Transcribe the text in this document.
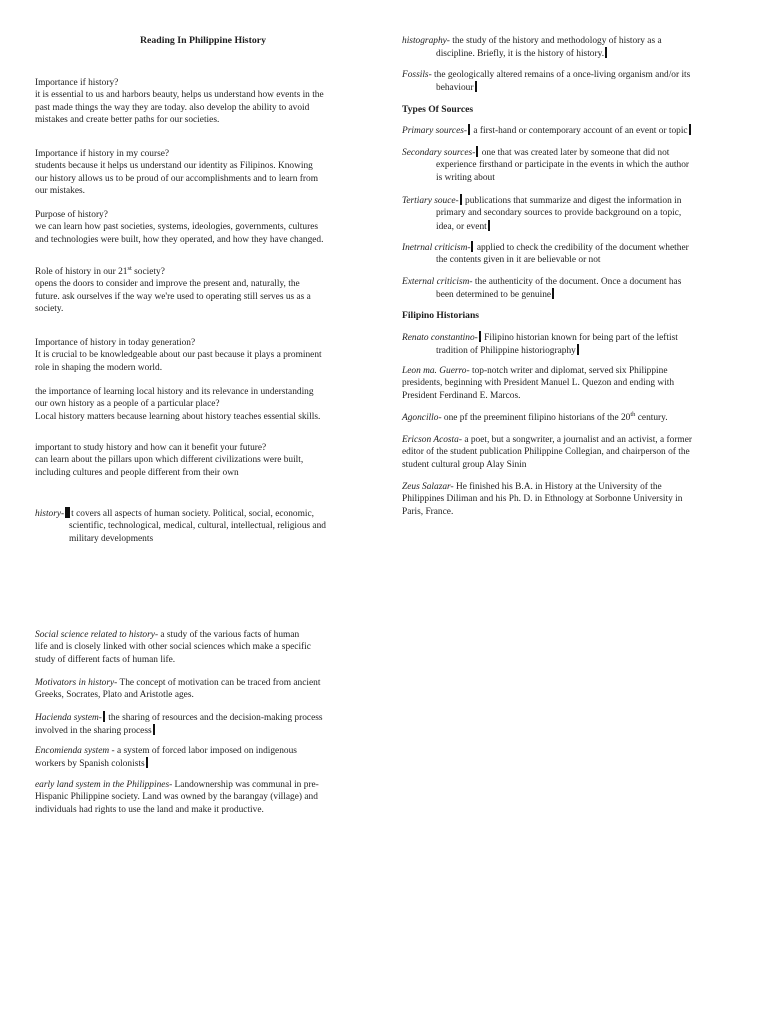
Reading In Philippine History

Importance if history?

it is essential to us and harbors beauty, helps us understand how events in the

past made things the way they are today. also develop the ability to avoid

mistakes and create better paths for our societies.

Importance if history in my course?

students because it helps us understand our identity as Filipinos. Knowing

our history allows us to be proud of our accomplishments and to learn from

our mistakes.

Purpose of history?

we can learn how past societies, systems, ideologies, governments, cultures

and technologies were built, how they operated, and how they have changed.

Role of history in our 21st society?

opens the doors to consider and improve the present and, naturally, the

future. ask ourselves if the way we're used to operating still serves us as a

society.

Importance of history in today generation?

It is crucial to be knowledgeable about our past because it plays a prominent

role in shaping the modern world.

the importance of learning local history and its relevance in understanding

our own history as a people of a particular place?

Local history matters because learning about history teaches essential skills.

important to study history and how can it benefit your future?

can learn about the pillars upon which different civilizations were built,

including cultures and people different from their own

history- t covers all aspects of human society. Political, social, economic,

scientific, technological, medical, cultural, intellectual, religious and

military developments

Social science related to history- a study of the various facts of human

life and is closely linked with other social sciences which make a specific

study of different facts of human life.

Motivators in history- The concept of motivation can be traced from ancient

Greeks, Socrates, Plato and Aristotle ages.

Hacienda system- the sharing of resources and the decision-making process

involved in the sharing process

Encomienda system - a system of forced labor imposed on indigenous

workers by Spanish colonists

early land system in the Philippines- Landownership was communal in pre-

Hispanic Philippine society. Land was owned by the barangay (village) and

individuals had rights to use the land and make it productive.

histography- the study of the history and methodology of history as a

discipline. Briefly, it is the history of history.

Fossils- the geologically altered remains of a once-living organism and/or its

behaviour

Types Of Sources

Primary sources- a first-hand or contemporary account of an event or topic

Secondary sources- one that was created later by someone that did not

experience firsthand or participate in the events in which the author

is writing about

Tertiary souce- publications that summarize and digest the information in

primary and secondary sources to provide background on a topic,

idea, or event

Inetrnal criticism- applied to check the credibility of the document whether

the contents given in it are believable or not

External criticism- the authenticity of the document. Once a document has

been determined to be genuine

Filipino Historians

Renato constantino- Filipino historian known for being part of the leftist

tradition of Philippine historiography

Leon ma. Guerro- top-notch writer and diplomat, served six Philippine

presidents, beginning with President Manuel L. Quezon and ending with

President Ferdinand E. Marcos.

Agoncillo- one pf the preeminent filipino historians of the 20th century.

Ericson Acosta- a poet, but a songwriter, a journalist and an activist, a former

editor of the student publication Philippine Collegian, and chairperson of the

student cultural group Alay Sinin

Zeus Salazar- He finished his B.A. in History at the University of the

Philippines Diliman and his Ph. D. in Ethnology at Sorbonne University in

Paris, France.
